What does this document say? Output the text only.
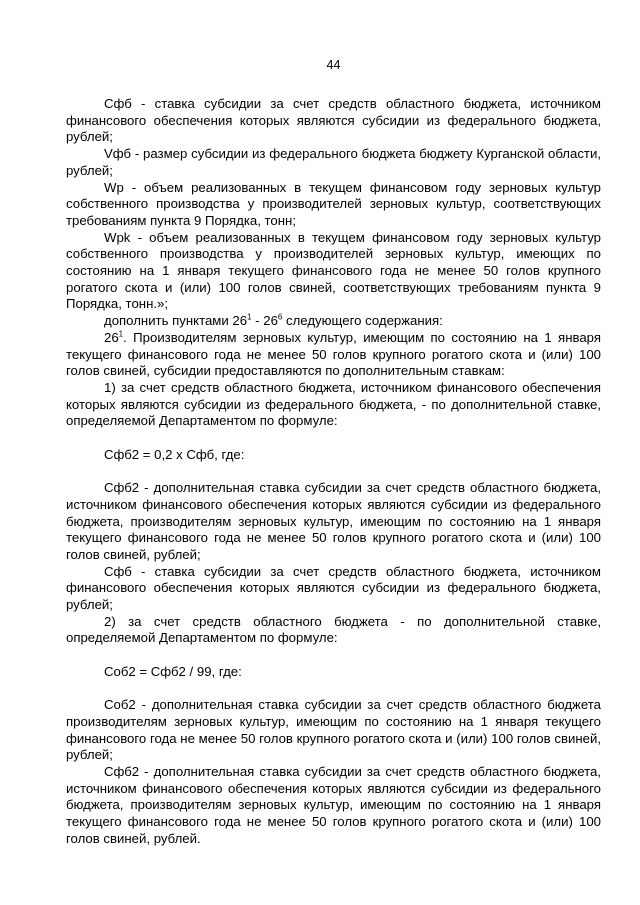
44

Сфб - ставка субсидии за счет средств областного бюджета, источником финансового обеспечения которых являются субсидии из федерального бюджета, рублей;

Vфб - размер субсидии из федерального бюджета бюджету Курганской области, рублей;

Wp - объем реализованных в текущем финансовом году зерновых культур собственного производства у производителей зерновых культур, соответствующих требованиям пункта 9 Порядка, тонн;

Wpk - объем реализованных в текущем финансовом году зерновых культур собственного производства у производителей зерновых культур, имеющих по состоянию на 1 января текущего финансового года не менее 50 голов крупного рогатого скота и (или) 100 голов свиней, соответствующих требованиям пункта 9 Порядка, тонн.»;

дополнить пунктами $26^1 - 26^6$ следующего содержания:

$26^1$. Производителям зерновых культур, имеющим по состоянию на 1 января текущего финансового года не менее 50 голов крупного рогатого скота и (или) 100 голов свиней, субсидии предоставляются по дополнительным ставкам:

1) за счет средств областного бюджета, источником финансового обеспечения которых являются субсидии из федерального бюджета, - по дополнительной ставке, определяемой Департаментом по формуле:

Сфб2 = 0,2 x Сфб, где:

Сфб2 - дополнительная ставка субсидии за счет средств областного бюджета, источником финансового обеспечения которых являются субсидии из федерального бюджета, производителям зерновых культур, имеющим по состоянию на 1 января текущего финансового года не менее 50 голов крупного рогатого скота и (или) 100 голов свиней, рублей;

Сфб - ставка субсидии за счет средств областного бюджета, источником финансового обеспечения которых являются субсидии из федерального бюджета, рублей;

2) за счет средств областного бюджета - по дополнительной ставке, определяемой Департаментом по формуле:

Соб2 = Сфб2 / 99, где:

Соб2 - дополнительная ставка субсидии за счет средств областного бюджета производителям зерновых культур, имеющим по состоянию на 1 января текущего финансового года не менее 50 голов крупного рогатого скота и (или) 100 голов свиней, рублей;

Сфб2 - дополнительная ставка субсидии за счет средств областного бюджета, источником финансового обеспечения которых являются субсидии из федерального бюджета, производителям зерновых культур, имеющим по состоянию на 1 января текущего финансового года не менее 50 голов крупного рогатого скота и (или) 100 голов свиней, рублей.
